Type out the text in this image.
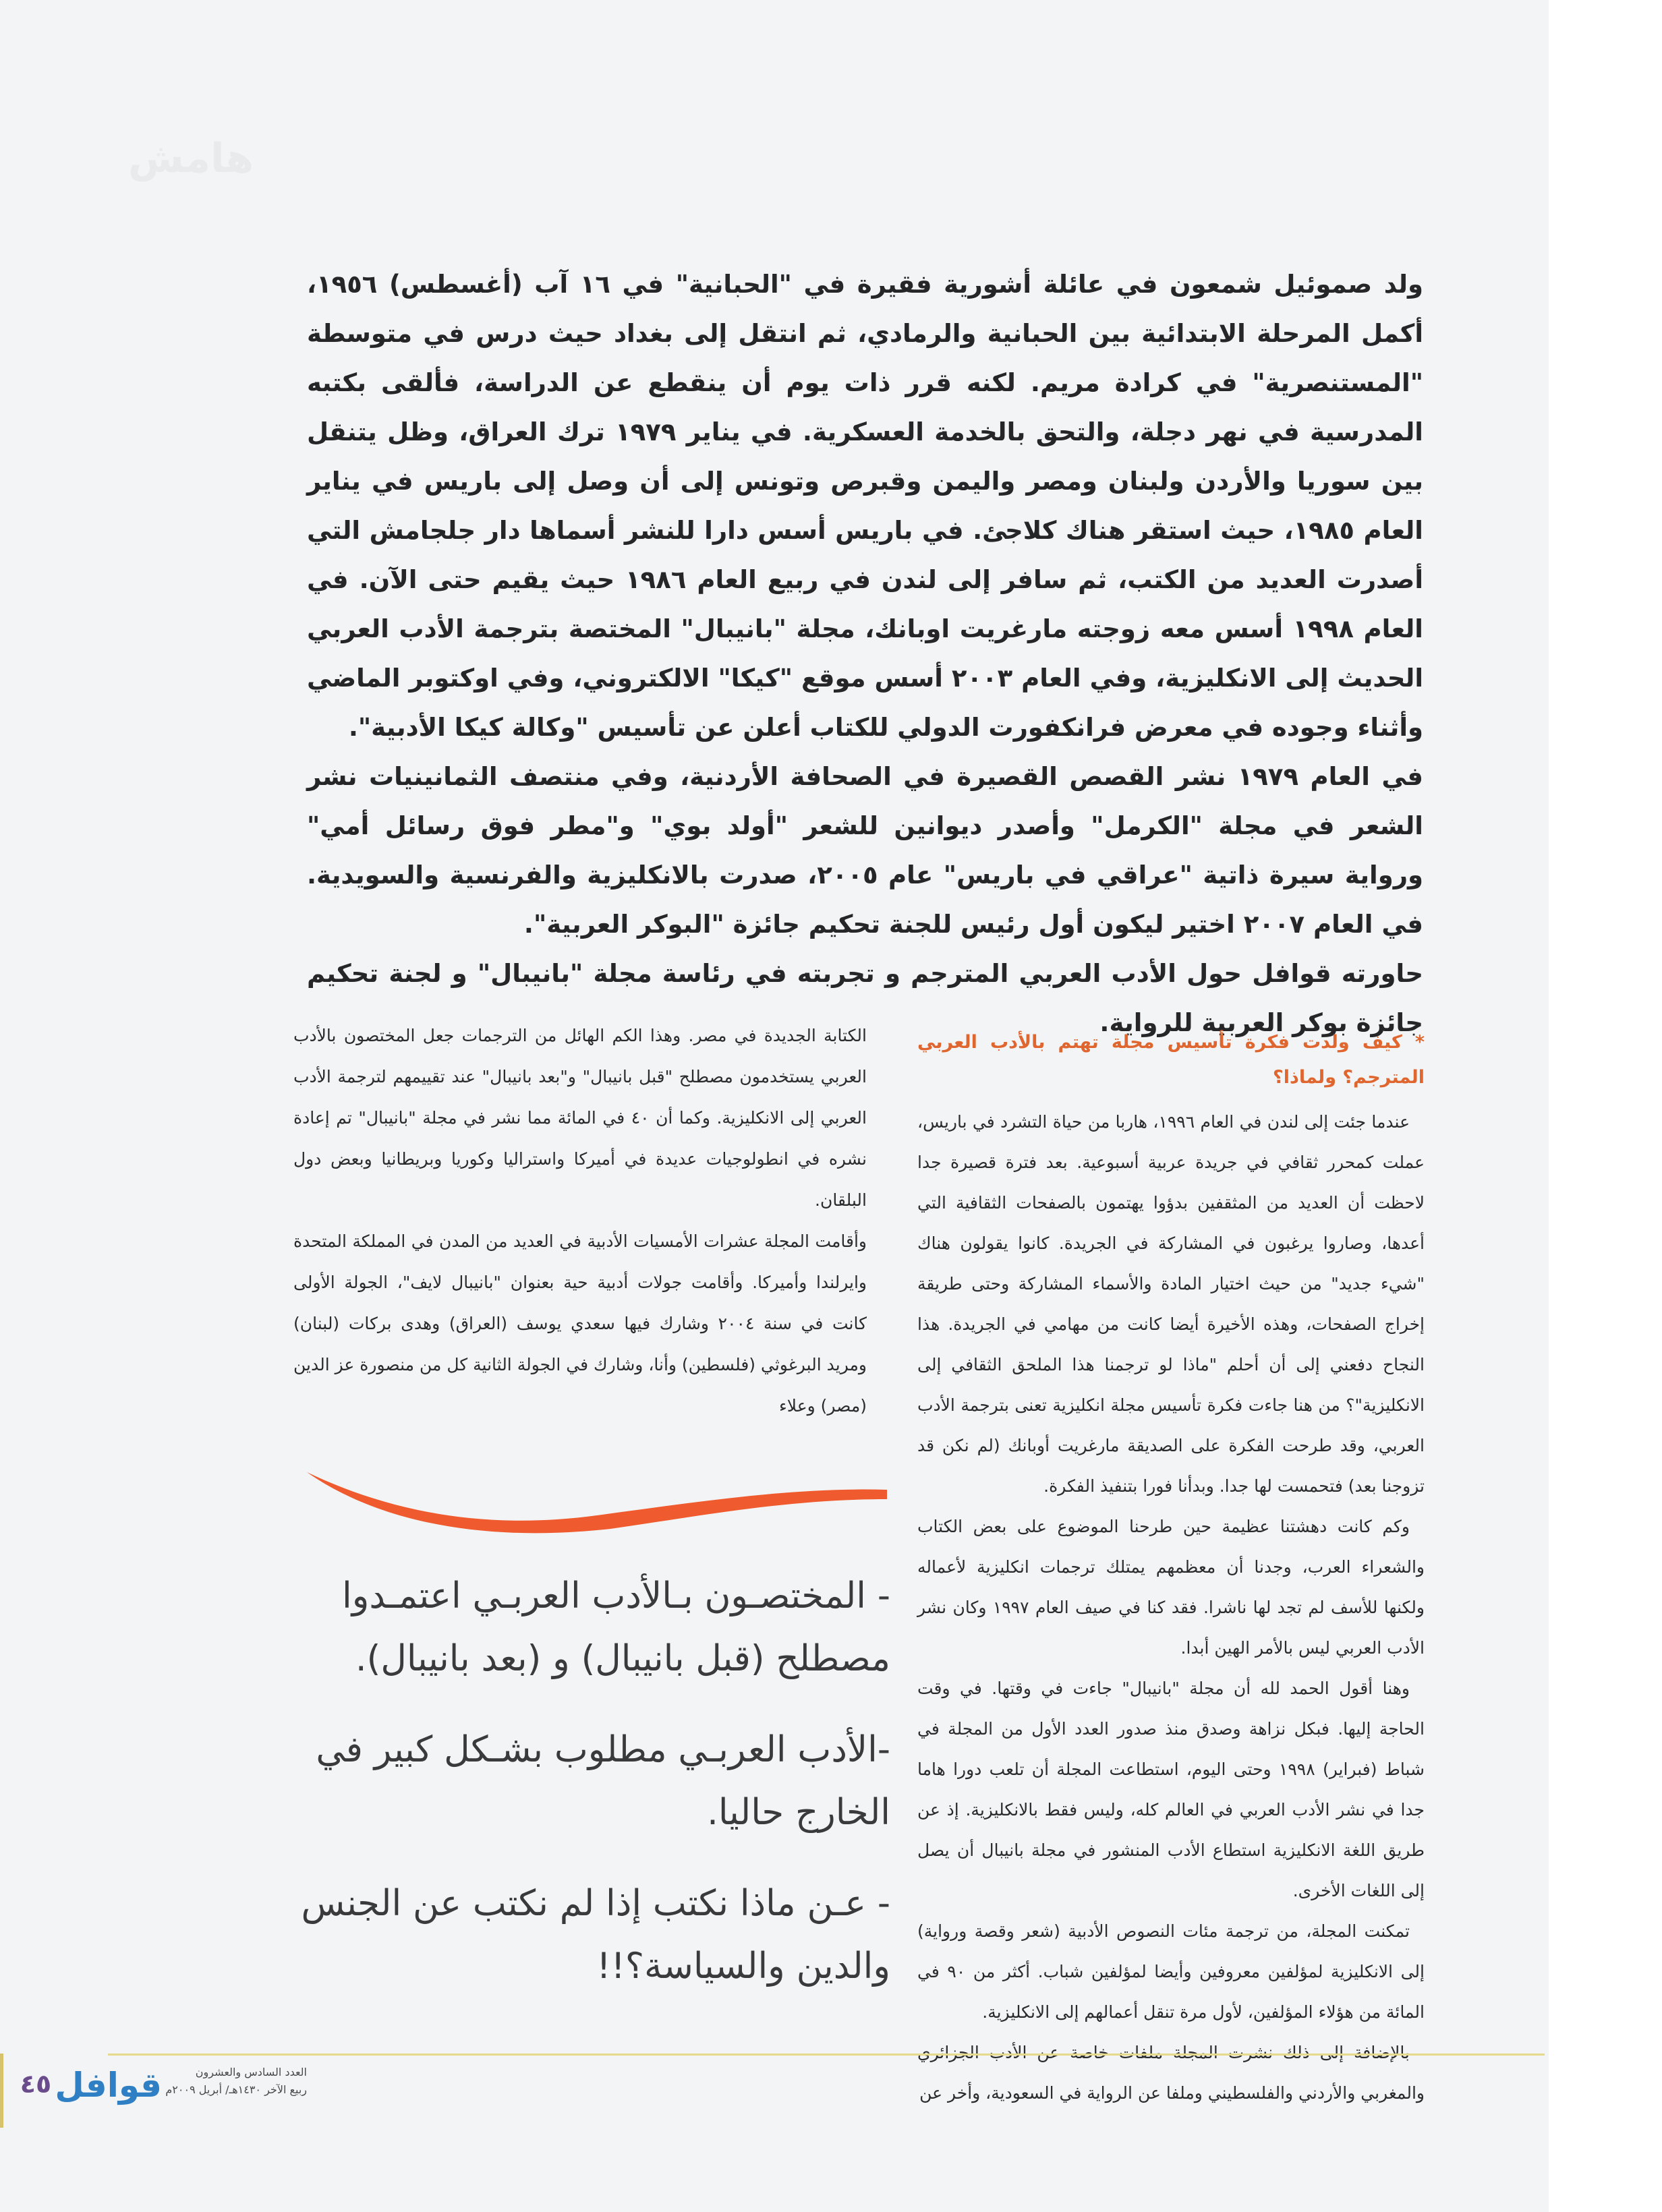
هامش

ولد صموئيل شمعون في عائلة أشورية فقيرة في "الحبانية" في ١٦ آب (أغسطس) ١٩٥٦، أكمل المرحلة الابتدائية بين الحبانية والرمادي، ثم انتقل إلى بغداد حيث درس في متوسطة "المستنصرية" في كرادة مريم. لكنه قرر ذات يوم أن ينقطع عن الدراسة، فألقى بكتبه المدرسية في نهر دجلة، والتحق بالخدمة العسكرية. في يناير ١٩٧٩ ترك العراق، وظل يتنقل بين سوريا والأردن ولبنان ومصر واليمن وقبرص وتونس إلى أن وصل إلى باريس في يناير العام ١٩٨٥، حيث استقر هناك كلاجئ. في باريس أسس دارا للنشر أسماها دار جلجامش التي أصدرت العديد من الكتب، ثم سافر إلى لندن في ربيع العام ١٩٨٦ حيث يقيم حتى الآن. في العام ١٩٩٨ أسس معه زوجته مارغريت اوبانك، مجلة "بانيبال" المختصة بترجمة الأدب العربي الحديث إلى الانكليزية، وفي العام ٢٠٠٣ أسس موقع "كيكا" الالكتروني، وفي اوكتوبر الماضي وأثناء وجوده في معرض فرانكفورت الدولي للكتاب أعلن عن تأسيس "وكالة كيكا الأدبية".

في العام ١٩٧٩ نشر القصص القصيرة في الصحافة الأردنية، وفي منتصف الثمانينيات نشر الشعر في مجلة "الكرمل" وأصدر ديوانين للشعر "أولد بوي" و"مطر فوق رسائل أمي" ورواية سيرة ذاتية "عراقي في باريس" عام ٢٠٠٥، صدرت بالانكليزية والفرنسية والسويدية. في العام ٢٠٠٧ اختير ليكون أول رئيس للجنة تحكيم جائزة "البوكر العربية".

حاورته قوافل حول الأدب العربي المترجم و تجربته في رئاسة مجلة "بانيبال" و لجنة تحكيم جائزة بوكر العربية للرواية.

* كيف ولدت فكرة تأسيس مجلة تهتم بالأدب العربي المترجم؟ ولماذا؟

عندما جئت إلى لندن في العام ١٩٩٦، هاربا من حياة التشرد في باريس، عملت كمحرر ثقافي في جريدة عربية أسبوعية. بعد فترة قصيرة جدا لاحظت أن العديد من المثقفين بدؤوا يهتمون بالصفحات الثقافية التي أعدها، وصاروا يرغبون في المشاركة في الجريدة. كانوا يقولون هناك "شيء جديد" من حيث اختيار المادة والأسماء المشاركة وحتى طريقة إخراج الصفحات، وهذه الأخيرة أيضا كانت من مهامي في الجريدة. هذا النجاح دفعني إلى أن أحلم "ماذا لو ترجمنا هذا الملحق الثقافي إلى الانكليزية"؟ من هنا جاءت فكرة تأسيس مجلة انكليزية تعنى بترجمة الأدب العربي، وقد طرحت الفكرة على الصديقة مارغريت أوبانك (لم نكن قد تزوجنا بعد) فتحمست لها جدا. وبدأنا فورا بتنفيذ الفكرة.

وكم كانت دهشتنا عظيمة حين طرحنا الموضوع على بعض الكتاب والشعراء العرب، وجدنا أن معظمهم يمتلك ترجمات انكليزية لأعماله ولكنها للأسف لم تجد لها ناشرا. فقد كنا في صيف العام ١٩٩٧ وكان نشر الأدب العربي ليس بالأمر الهين أبدا.

وهنا أقول الحمد لله أن مجلة "بانيبال" جاءت في وقتها. في وقت الحاجة إليها. فبكل نزاهة وصدق منذ صدور العدد الأول من المجلة في شباط (فبراير) ١٩٩٨ وحتى اليوم، استطاعت المجلة أن تلعب دورا هاما جدا في نشر الأدب العربي في العالم كله، وليس فقط بالانكليزية. إذ عن طريق اللغة الانكليزية استطاع الأدب المنشور في مجلة بانيبال أن يصل إلى اللغات الأخرى.

تمكنت المجلة، من ترجمة مئات النصوص الأدبية (شعر وقصة ورواية) إلى الانكليزية لمؤلفين معروفين وأيضا لمؤلفين شباب. أكثر من ٩٠ في المائة من هؤلاء المؤلفين، لأول مرة تنقل أعمالهم إلى الانكليزية.

بالإضافة إلى ذلك نشرت المجلة ملفات خاصة عن الأدب الجزائري والمغربي والأردني والفلسطيني وملفا عن الرواية في السعودية، وأخر عن

الكتابة الجديدة في مصر. وهذا الكم الهائل من الترجمات جعل المختصون بالأدب العربي يستخدمون مصطلح "قبل بانيبال" و"بعد بانيبال" عند تقييمهم لترجمة الأدب العربي إلى الانكليزية. وكما أن ٤٠ في المائة مما نشر في مجلة "بانيبال" تم إعادة نشره في انطولوجيات عديدة في أميركا واستراليا وكوريا وبريطانيا وبعض دول البلقان.

وأقامت المجلة عشرات الأمسيات الأدبية في العديد من المدن في المملكة المتحدة وايرلندا وأميركا. وأقامت جولات أدبية حية بعنوان "بانيبال لايف"، الجولة الأولى كانت في سنة ٢٠٠٤ وشارك فيها سعدي يوسف (العراق) وهدى بركات (لبنان) ومريد البرغوثي (فلسطين) وأنا، وشارك في الجولة الثانية كل من منصورة عز الدين (مصر) وعلاء

- المختصـون بـالأدب العربـي اعتمـدوا مصطلح (قبل بانيبال) و (بعد بانيبال).

-الأدب العربـي مطلوب بشـكل كبير في الخارج حاليا.

- عـن ماذا نكتب إذا لم نكتب عن الجنس والدين والسياسة؟!!

٤٥ قوافل	العدد السادس والعشرون
ربيع الآخر ١٤٣٠هـ/ أبريل ٢٠٠٩م
